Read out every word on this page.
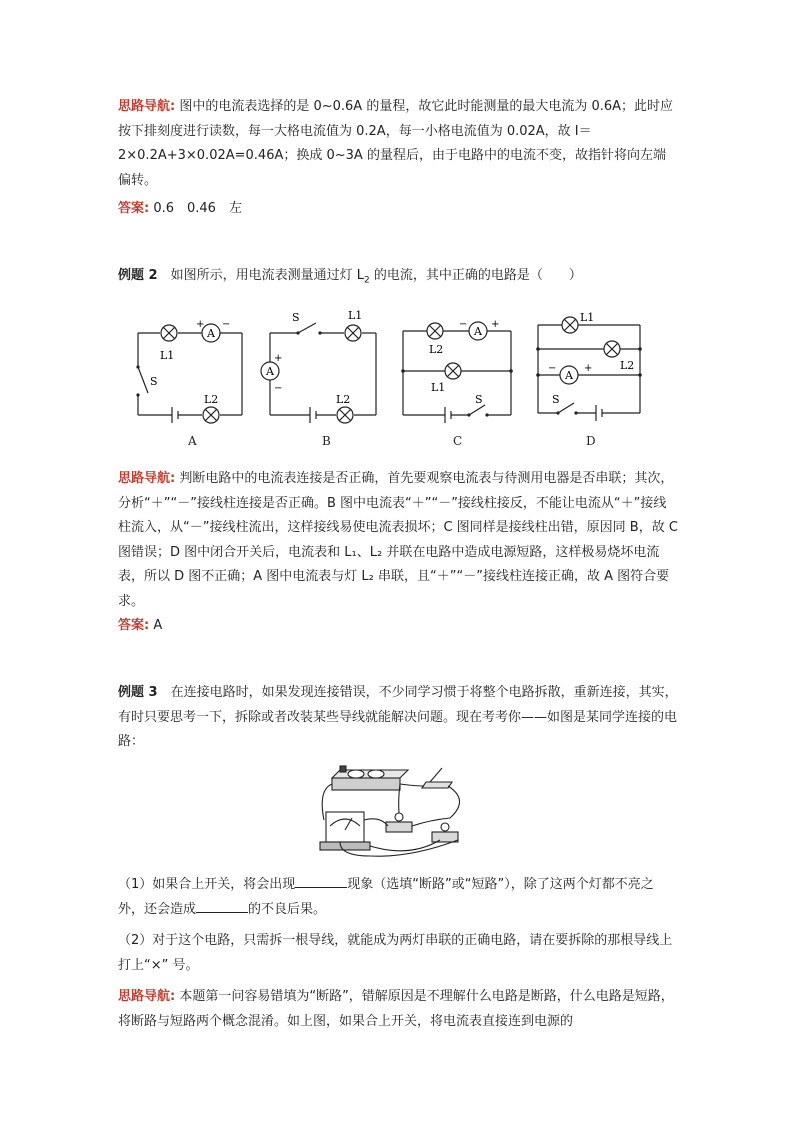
思路导航: 图中的电流表选择的是 0~0.6A 的量程，故它此时能测量的最大电流为 0.6A；此时应按下排刻度进行读数，每一大格电流值为 0.2A，每一小格电流值为 0.02A，故 I＝2×0.2A+3×0.02A=0.46A；换成 0~3A 的量程后，由于电路中的电流不变，故指针将向左端偏转。

答案: 0.6　0.46　左

例题 2　如图所示，用电流表测量通过灯 $L_2$ 的电流，其中正确的电路是（　　）

A
+ −
L1
S
L2
A
A
+
−
S	L1
L2
B
A
− +
L2
L1
S
C
A
−	+
L1
L2
S
D

思路导航: 判断电路中的电流表连接是否正确，首先要观察电流表与待测用电器是否串联；其次，分析“＋”“－”接线柱连接是否正确。B 图中电流表“＋”“－”接线柱接反，不能让电流从“＋”接线柱流入，从“－”接线柱流出，这样接线易使电流表损坏；C 图同样是接线柱出错，原因同 B，故 C 图错误；D 图中闭合开关后，电流表和 L₁、L₂ 并联在电路中造成电源短路，这样极易烧坏电流表，所以 D 图不正确；A 图中电流表与灯 L₂ 串联，且“＋”“－”接线柱连接正确，故 A 图符合要求。

答案: A

例题 3　在连接电路时，如果发现连接错误，不少同学习惯于将整个电路拆散，重新连接，其实，有时只要思考一下，拆除或者改装某些导线就能解决问题。现在考考你——如图是某同学连接的电路：

（1）如果合上开关，将会出现	现象（选填“断路”或“短路”），除了这两个灯都不亮之外，还会造成	的不良后果。

（2）对于这个电路，只需拆一根导线，就能成为两灯串联的正确电路，请在要拆除的那根导线上打上“×” 号。

思路导航: 本题第一问容易错填为“断路”，错解原因是不理解什么电路是断路，什么电路是短路，将断路与短路两个概念混淆。如上图，如果合上开关，将电流表直接连到电源的
